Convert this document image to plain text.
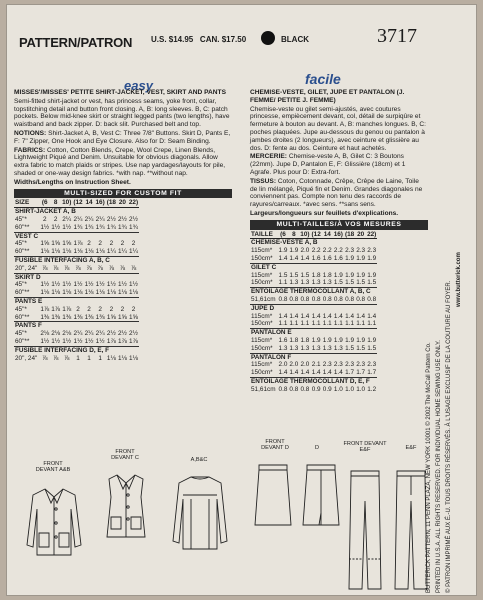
PATTERN/PATRON U.S. $14.95 CAN. $17.50	BLACK	3717
easy	facile

MISSES'/MISSES' PETITE SHIRT-JACKET, VEST, SKIRT AND PANTS

Semi-fitted shirt-jacket or vest, has princess seams, yoke front, collar, topstitching detail and button front closing. A, B: long sleeves. B, C: patch pockets. Below mid-knee skirt or straight legged pants (two lengths), have waistband and back zipper. D: back slit. Purchased belt and top.

NOTIONS: Shirt-Jacket A, B, Vest C: Three 7/8" Buttons. Skirt D, Pants E, F: 7" Zipper, One Hook and Eye Closure. Also for D: Seam Binding.

FABRICS: Cotton, Cotton Blends, Crepe, Wool Crepe, Linen Blends, Lightweight Piqué and Denim. Unsuitable for obvious diagonals. Allow extra fabric to match plaids or stripes. Use nap yardages/layouts for pile, shaded or one-way design fabrics. *with nap. **without nap.

Widths/Lengths on Instruction Sheet.

MULTI-SIZED FOR CUSTOM FIT
SIZE	(6	8	10)	(12	14	16)	(18	20	22)
SHIRT-JACKET A, B									
45"*	2	2	2¼	2¼	2¼	2¼	2½	2½	2½
60"**	1½	1½	1½	1¾	1¾	1¾	1¾	1¾	1¾
VEST C									
45"*	1⅝	1⅝	1⅝	1⅞	2	2	2	2	2
60"**	1⅛	1⅛	1⅛	1⅛	1⅛	1⅛	1¼	1¼	1¼
FUSIBLE INTERFACING A, B, C									
20", 24"	⅞	⅞	⅞	⅞	⅞	⅞	⅞	⅞	⅞
SKIRT D									
45"*	1½	1½	1½	1½	1½	1½	1½	1½	1½
60"**	1⅛	1⅛	1⅛	1⅛	1⅛	1⅛	1⅛	1⅛	1⅛
PANTS E									
45"*	1⅞	1⅞	1⅞	2	2	2	2	2	2
60"**	1⅜	1⅜	1⅜	1⅜	1⅜	1⅜	1⅝	1⅝	1⅝
PANTS F									
45"*	2⅛	2⅛	2⅛	2¼	2¼	2¼	2½	2½	2½
60"**	1½	1½	1½	1½	1½	1½	1⅞	1⅞	1⅞
FUSIBLE INTERFACING D, E, F									
20", 24"	⅞	⅞	⅞	1	1	1	1⅛	1⅛	1⅛

CHEMISE-VESTE, GILET, JUPE ET PANTALON (J. FEMME/ PETITE J. FEMME)

Chemise-veste ou gilet semi-ajustés, avec coutures princesse, empiècement devant, col, détail de surpiqûre et fermeture à bouton au devant. A, B: manches longues. B, C: poches plaquées. Jupe au-dessous du genou ou pantalon à jambes droites (2 longueurs), avec ceinture et glissière au dos. D: fente au dos. Ceinture et haut achetés.

MERCERIE: Chemise-veste A, B, Gilet C: 3 Boutons (22mm). Jupe D, Pantalon E, F: Glissière (18cm) et 1 Agrafe. Plus pour D: Extra-fort.

TISSUS: Coton, Cotonnade, Crêpe, Crêpe de Laine, Toile de lin mélangé, Piqué fin et Denim. Grandes diagonales ne conviennent pas. Compte non tenu des raccords de rayures/carreaux. *avec sens. **sans sens.

Largeurs/longueurs sur feuillets d'explications.

MULTI-TAILLES/À VOS MESURES
TAILLE	(6	8	10)	(12	14	16)	(18	20	22)
CHEMISE-VESTE A, B									
115cm*	1.9	1.9	2.0	2.2	2.2	2.2	2.3	2.3	2.3
150cm*	1.4	1.4	1.4	1.6	1.6	1.6	1.9	1.9	1.9
GILET C									
115cm*	1.5	1.5	1.5	1.8	1.8	1.9	1.9	1.9	1.9
150cm*	1.1	1.3	1.3	1.3	1.3	1.5	1.5	1.5	1.5
ENTOILAGE THERMOCOLLANT A, B, C									
51,61cm	0.8	0.8	0.8	0.8	0.8	0.8	0.8	0.8	0.8
JUPE D									
115cm*	1.4	1.4	1.4	1.4	1.4	1.4	1.4	1.4	1.4
150cm*	1.1	1.1	1.1	1.1	1.1	1.1	1.1	1.1	1.1
PANTALON E									
115cm*	1.6	1.8	1.8	1.9	1.9	1.9	1.9	1.9	1.9
150cm*	1.3	1.3	1.3	1.3	1.3	1.3	1.5	1.5	1.5
PANTALON F									
115cm*	2.0	2.0	2.0	2.1	2.3	2.3	2.3	2.3	2.3
150cm*	1.4	1.4	1.4	1.4	1.4	1.4	1.7	1.7	1.7
ENTOILAGE THERMOCOLLANT D, E, F									
51,61cm	0.8	0.8	0.8	0.9	0.9	1.0	1.0	1.0	1.2	BUTTERICK PATTERN, 11 PENN PLAZA, NEW YORK 10001 © 2002 The McCall Pattern Co. PRINTED IN U.S.A. ALL RIGHTS RESERVED. FOR INDIVIDUAL HOME SEWING USE ONLY. © PATRON IMPRIMÉ AUX É.-U. TOUS DROITS RÉSERVÉS. À L'USAGE EXCLUSIF DE LA COUTURE AU FOYER.
www.butterick.com
FRONT DEVANT A&B
FRONT DEVANT C	A,B&C
FRONT DEVANT D	D
FRONT DEVANT E&F	E&F
